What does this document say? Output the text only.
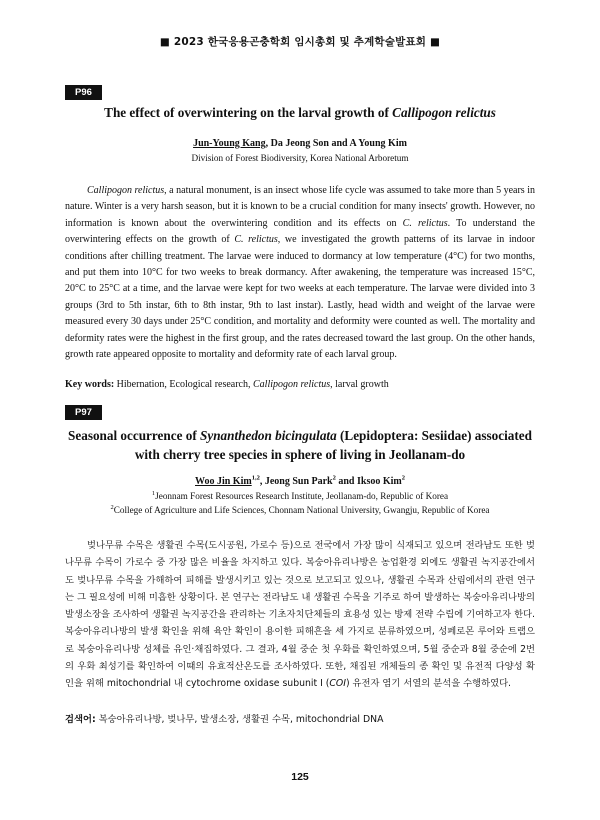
■ 2023 한국응용곤충학회 임시총회 및 추계학술발표회 ■
P96
The effect of overwintering on the larval growth of Callipogon relictus
Jun-Young Kang, Da Jeong Son and A Young Kim
Division of Forest Biodiversity, Korea National Arboretum

Callipogon relictus, a natural monument, is an insect whose life cycle was assumed to take more than 5 years in nature. Winter is a very harsh season, but it is known to be a crucial condition for many insects' growth. However, no information is known about the overwintering condition and its effects on C. relictus. To understand the overwintering effects on the growth of C. relictus, we investigated the growth patterns of its larvae in indoor conditions after chilling treatment. The larvae were induced to dormancy at low temperature (4°C) for two months, and put them into 10°C for two weeks to break dormancy. After awakening, the temperature was increased 15°C, 20°C to 25°C at a time, and the larvae were kept for two weeks at each temperature. The larvae were divided into 3 groups (3rd to 5th instar, 6th to 8th instar, 9th to last instar). Lastly, head width and weight of the larvae were measured every 30 days under 25°C condition, and mortality and deformity were counted as well. The mortality and deformity rates were the highest in the first group, and the rates decreased toward the last group. On the other hands, growth rate appeared opposite to mortality and deformity rate of each larval group.

Key words: Hibernation, Ecological research, Callipogon relictus, larval growth
P97
Seasonal occurrence of Synanthedon bicingulata (Lepidoptera: Sesiidae) associated
with cherry tree species in sphere of living in Jeollanam-do
Woo Jin Kim$^{1,2}$, Jeong Sun Park$^2$ and Iksoo Kim$^2$
$^1$Jeonnam Forest Resources Research Institute, Jeollanam-do, Republic of Korea
$^2$College of Agriculture and Life Sciences, Chonnam National University, Gwangju, Republic of Korea

벚나무류 수목은 생활권 수목(도시공원, 가로수 등)으로 전국에서 가장 많이 식재되고 있으며 전라남도 또한 벚나무류 수목이 가로수 중 가장 많은 비율을 차지하고 있다. 복숭아유리나방은 농업환경 외에도 생활권 녹지공간에서도 벚나무류 수목을 가해하여 피해를 발생시키고 있는 것으로 보고되고 있으나, 생활권 수목과 산림에서의 관련 연구는 그 필요성에 비해 미흡한 상황이다. 본 연구는 전라남도 내 생활권 수목을 기주로 하여 발생하는 복숭아유리나방의 발생소장을 조사하여 생활권 녹지공간을 관리하는 기초자치단체들의 효용성 있는 방제 전략 수립에 기여하고자 한다. 복숭아유리나방의 발생 확인을 위해 육안 확인이 용이한 피해흔을 세 가지로 분류하였으며, 성페로몬 루어와 트랩으로 복숭아유리나방 성체를 유인·채집하였다. 그 결과, 4월 중순 첫 우화를 확인하였으며, 5월 중순과 8월 중순에 2번의 우화 최성기를 확인하여 이때의 유효적산온도를 조사하였다. 또한, 채집된 개체들의 종 확인 및 유전적 다양성 확인을 위해 mitochondrial 내 cytochrome oxidase subunit I (COI) 유전자 염기 서열의 분석을 수행하였다.

검색어: 복숭아유리나방, 벚나무, 발생소장, 생활권 수목, mitochondrial DNA
125
